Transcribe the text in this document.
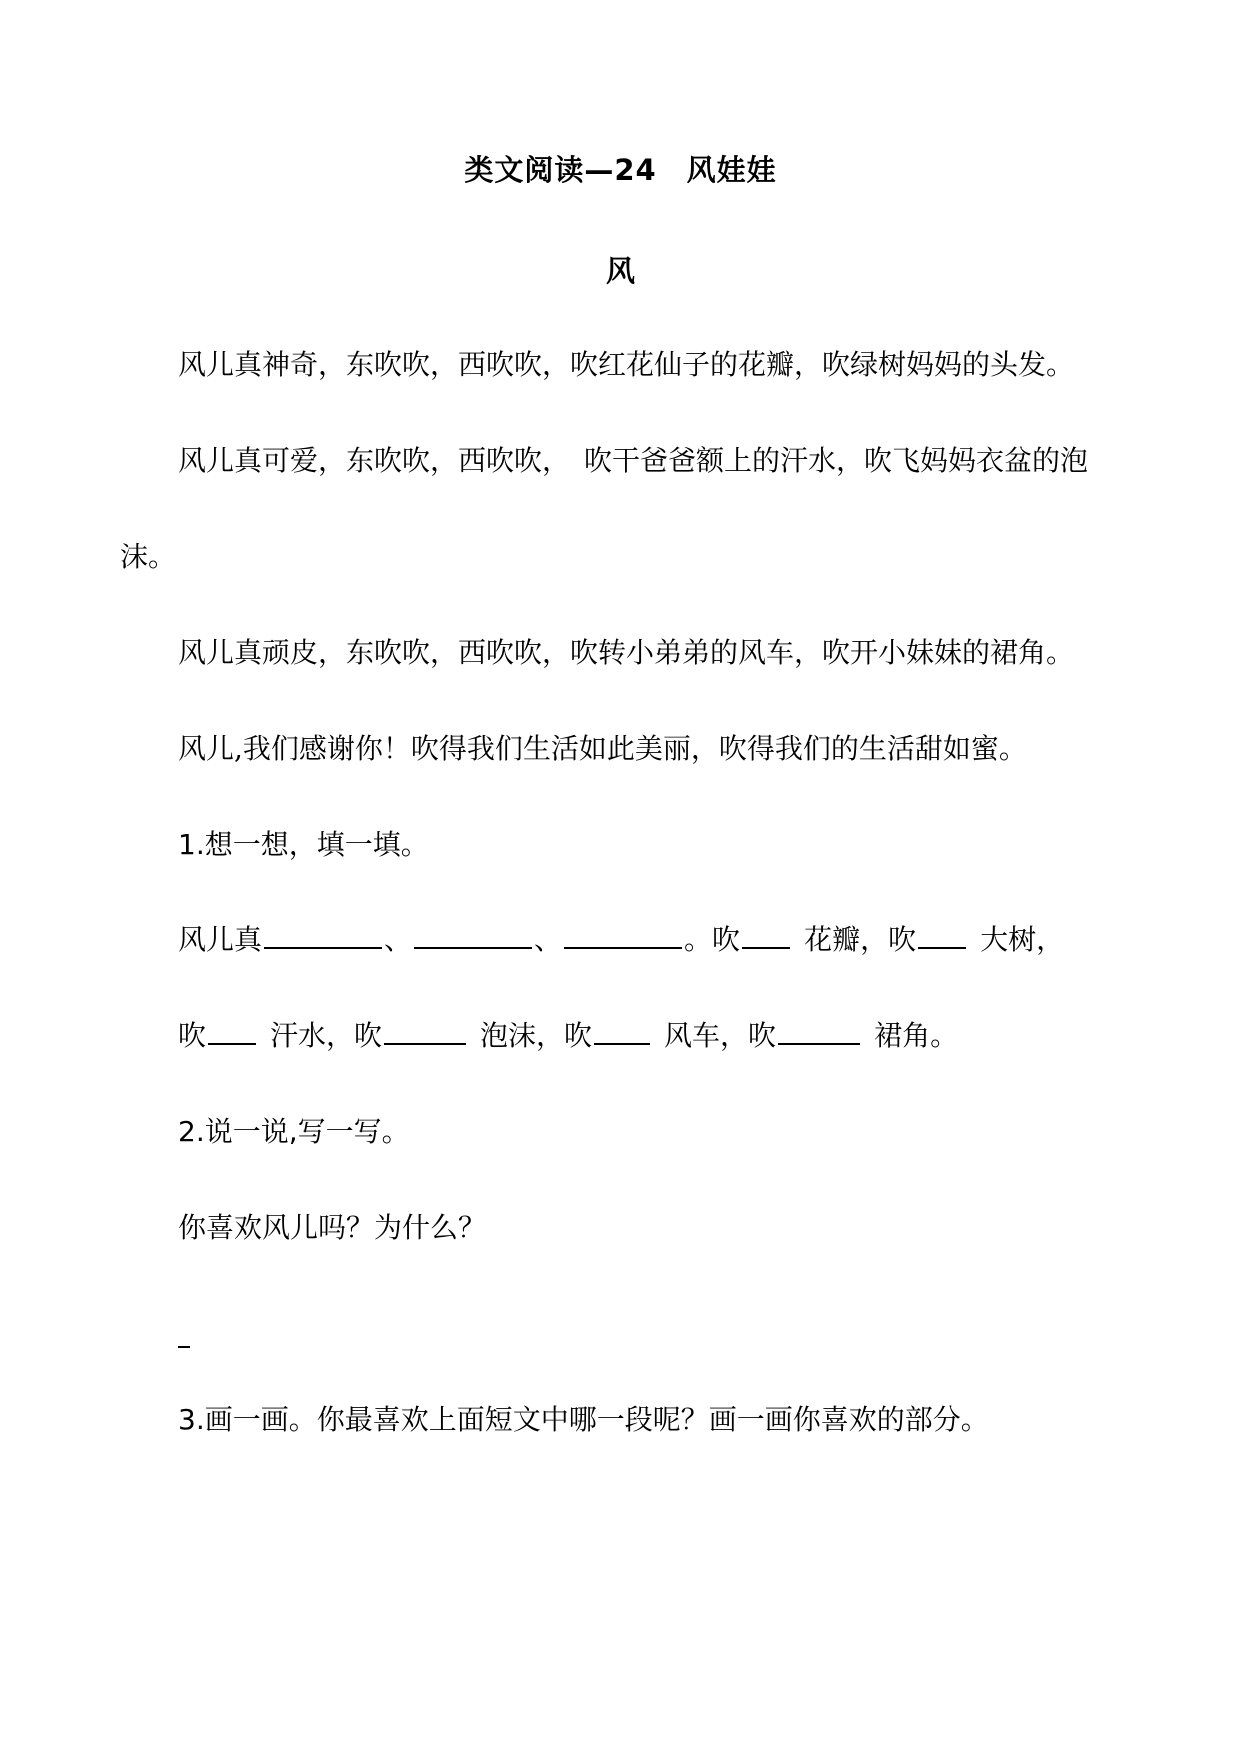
类文阅读—24　风娃娃
风
风儿真神奇，东吹吹，西吹吹，吹红花仙子的花瓣，吹绿树妈妈的头发。
风儿真可爱，东吹吹，西吹吹，　吹干爸爸额上的汗水，吹飞妈妈衣盆的泡
沫。
风儿真顽皮，东吹吹，西吹吹，吹转小弟弟的风车，吹开小妹妹的裙角。
风儿,我们感谢你！吹得我们生活如此美丽，吹得我们的生活甜如蜜。
1.想一想，填一填。
风儿真	、	、	。吹 花瓣，吹 大树，
吹 汗水，吹	泡沫，吹	风车，吹	裙角。
2.说一说,写一写。
你喜欢风儿吗？为什么？
3.画一画。你最喜欢上面短文中哪一段呢？画一画你喜欢的部分。
